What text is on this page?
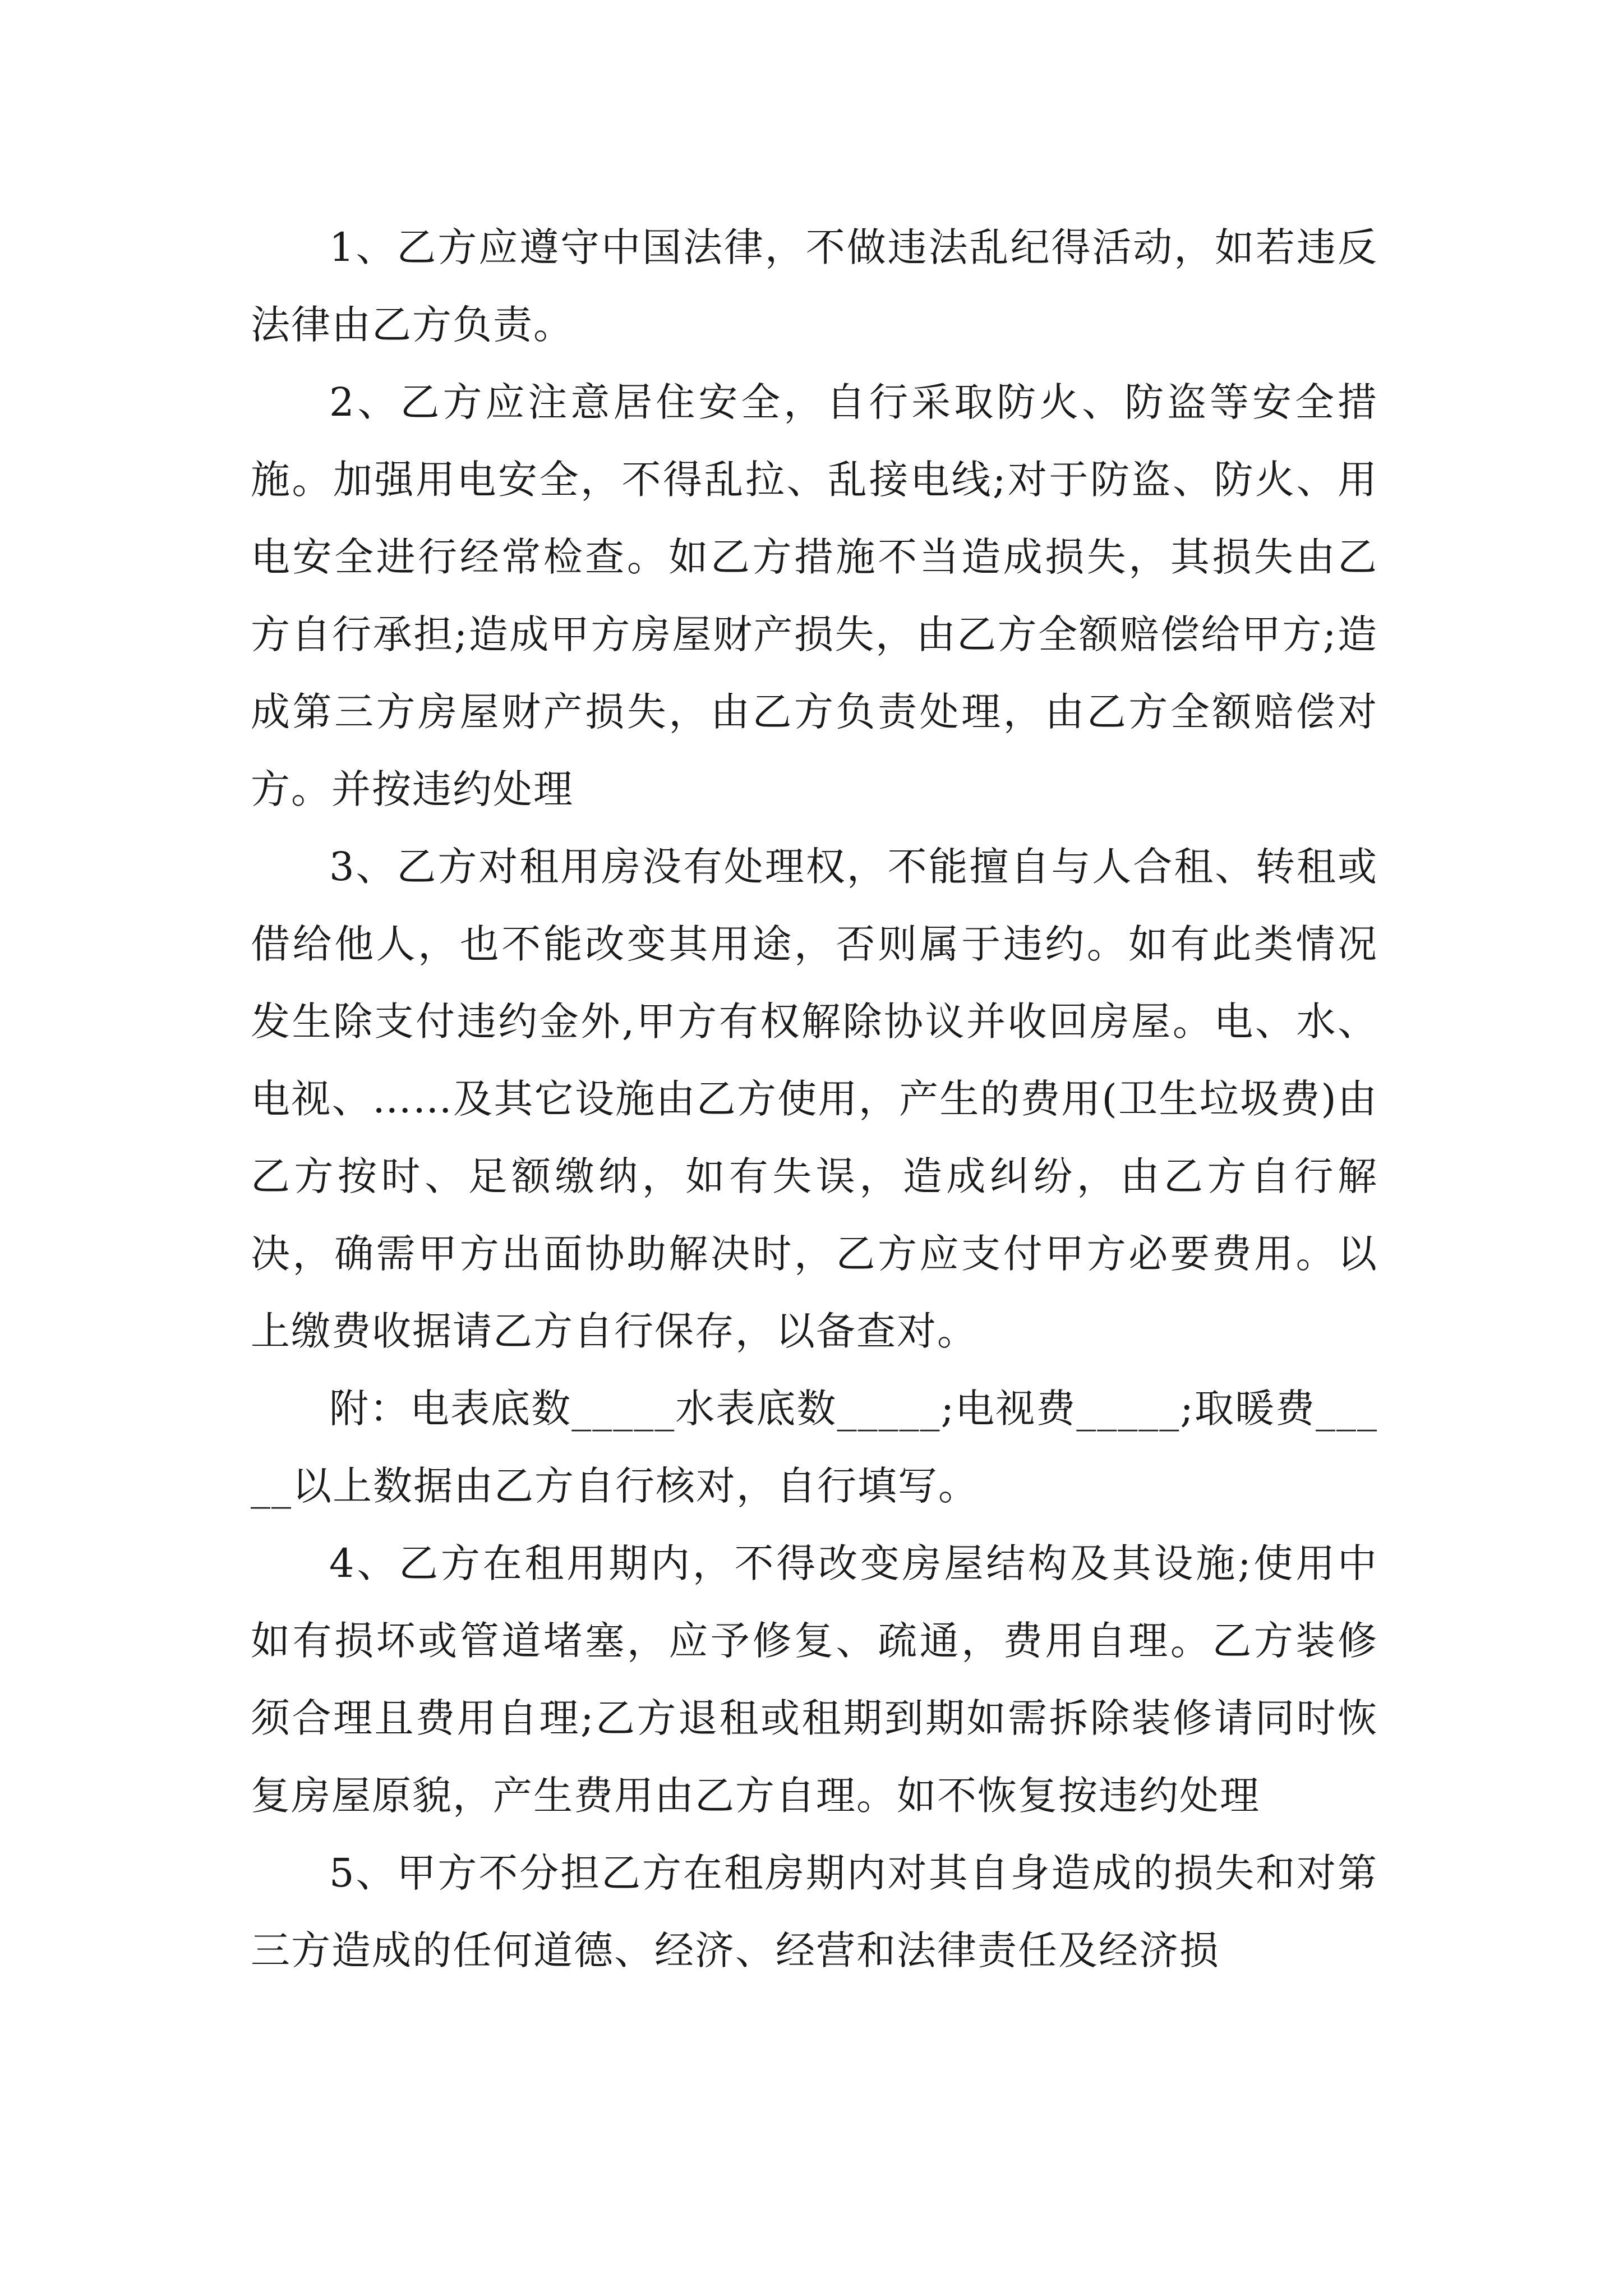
1、乙方应遵守中国法律，不做违法乱纪得活动，如若违反法律由乙方负责。

2、乙方应注意居住安全，自行采取防火、防盗等安全措施。加强用电安全，不得乱拉、乱接电线;对于防盗、防火、用电安全进行经常检查。如乙方措施不当造成损失，其损失由乙方自行承担;造成甲方房屋财产损失，由乙方全额赔偿给甲方;造成第三方房屋财产损失，由乙方负责处理，由乙方全额赔偿对方。并按违约处理

3、乙方对租用房没有处理权，不能擅自与人合租、转租或借给他人，也不能改变其用途，否则属于违约。如有此类情况发生除支付违约金外,甲方有权解除协议并收回房屋。电、水、电视、……及其它设施由乙方使用，产生的费用(卫生垃圾费)由乙方按时、足额缴纳，如有失误，造成纠纷，由乙方自行解决，确需甲方出面协助解决时，乙方应支付甲方必要费用。以上缴费收据请乙方自行保存，以备查对。

附：电表底数_____水表底数_____;电视费_____;取暖费_____以上数据由乙方自行核对，自行填写。

4、乙方在租用期内，不得改变房屋结构及其设施;使用中如有损坏或管道堵塞，应予修复、疏通，费用自理。乙方装修须合理且费用自理;乙方退租或租期到期如需拆除装修请同时恢复房屋原貌，产生费用由乙方自理。如不恢复按违约处理

5、甲方不分担乙方在租房期内对其自身造成的损失和对第三方造成的任何道德、经济、经营和法律责任及经济损
